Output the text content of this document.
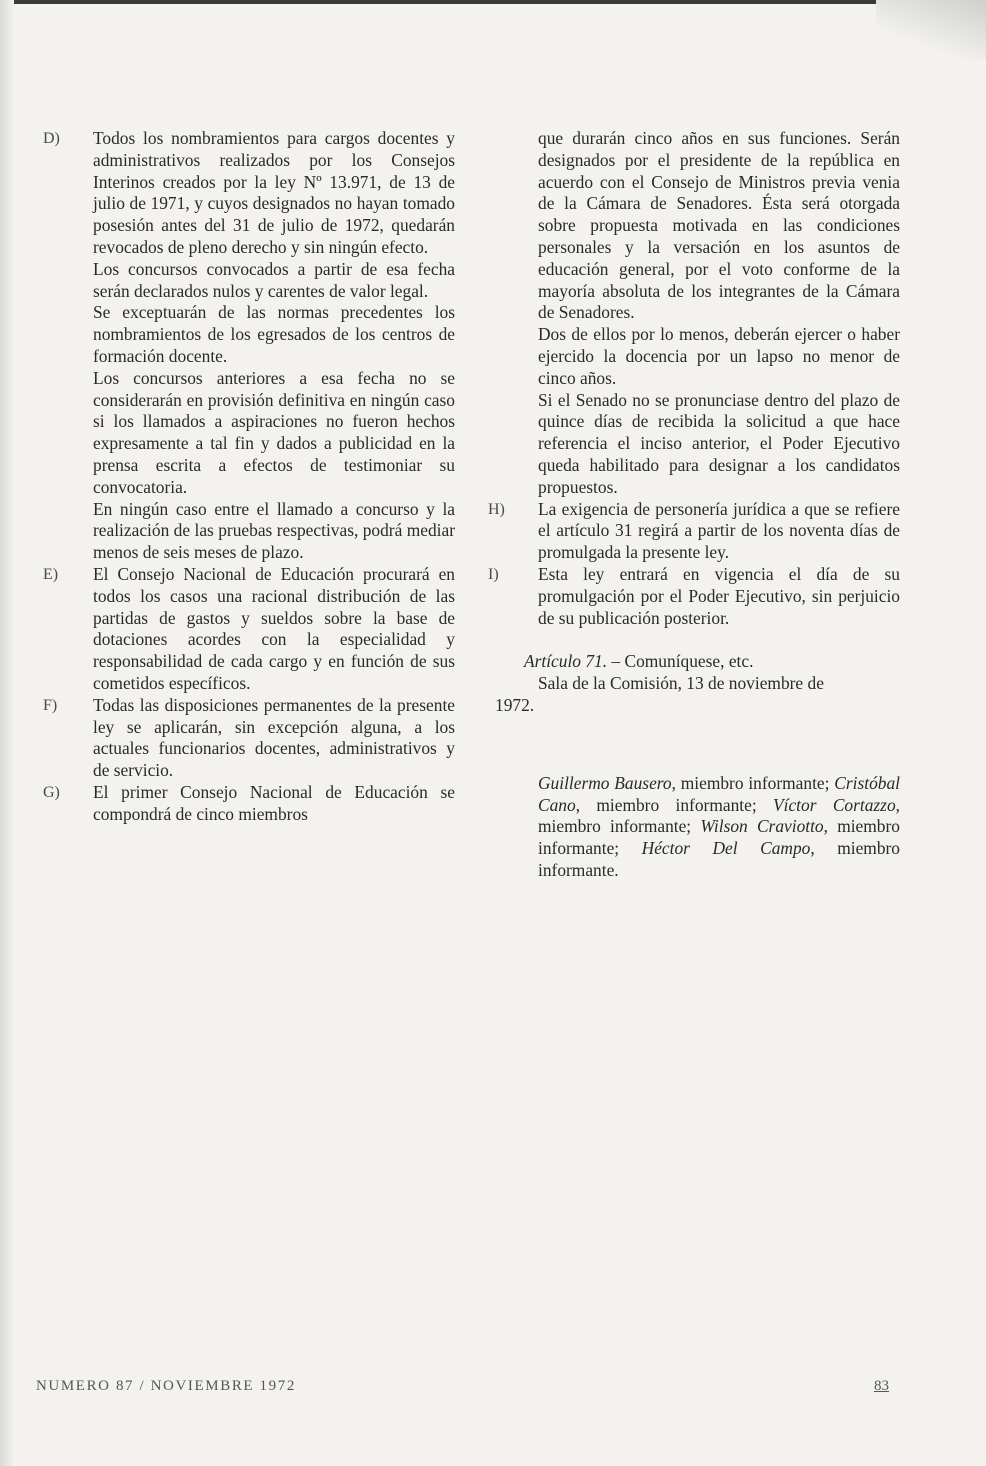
D) Todos los nombramientos para cargos docentes y administrativos realizados por los Consejos Interinos creados por la ley Nº 13.971, de 13 de julio de 1971, y cuyos designados no hayan tomado posesión antes del 31 de julio de 1972, quedarán revocados de pleno derecho y sin ningún efecto.

Los concursos convocados a partir de esa fecha serán declarados nulos y carentes de valor legal.

Se exceptuarán de las normas precedentes los nombramientos de los egresados de los centros de formación docente.

Los concursos anteriores a esa fecha no se considerarán en provisión definitiva en ningún caso si los llamados a aspiraciones no fueron hechos expresamente a tal fin y dados a publicidad en la prensa escrita a efectos de testimoniar su convocatoria.

En ningún caso entre el llamado a concurso y la realización de las pruebas respectivas, podrá mediar menos de seis meses de plazo.

E) El Consejo Nacional de Educación procurará en todos los casos una racional distribución de las partidas de gastos y sueldos sobre la base de dotaciones acordes con la especialidad y responsabilidad de cada cargo y en función de sus cometidos específicos.

F) Todas las disposiciones permanentes de la presente ley se aplicarán, sin excepción alguna, a los actuales funcionarios docentes, administrativos y de servicio.

G) El primer Consejo Nacional de Educación se compondrá de cinco miembros

que durarán cinco años en sus funciones. Serán designados por el presidente de la república en acuerdo con el Consejo de Ministros previa venia de la Cámara de Senadores. Ésta será otorgada sobre propuesta motivada en las condiciones personales y la versación en los asuntos de educación general, por el voto conforme de la mayoría absoluta de los integrantes de la Cámara de Senadores.

Dos de ellos por lo menos, deberán ejercer o haber ejercido la docencia por un lapso no menor de cinco años.

Si el Senado no se pronunciase dentro del plazo de quince días de recibida la solicitud a que hace referencia el inciso anterior, el Poder Ejecutivo queda habilitado para designar a los candidatos propuestos.

H) La exigencia de personería jurídica a que se refiere el artículo 31 regirá a partir de los noventa días de promulgada la presente ley.

I) Esta ley entrará en vigencia el día de su promulgación por el Poder Ejecutivo, sin perjuicio de su publicación posterior.

Artículo 71. – Comuníquese, etc.

Sala de la Comisión, 13 de noviembre de

1972.

Guillermo Bausero, miembro informante; Cristóbal Cano, miembro informante; Víctor Cortazzo, miembro informante; Wilson Craviotto, miembro informante; Héctor Del Campo, miembro informante.

NUMERO 87 / NOVIEMBRE 1972	83
